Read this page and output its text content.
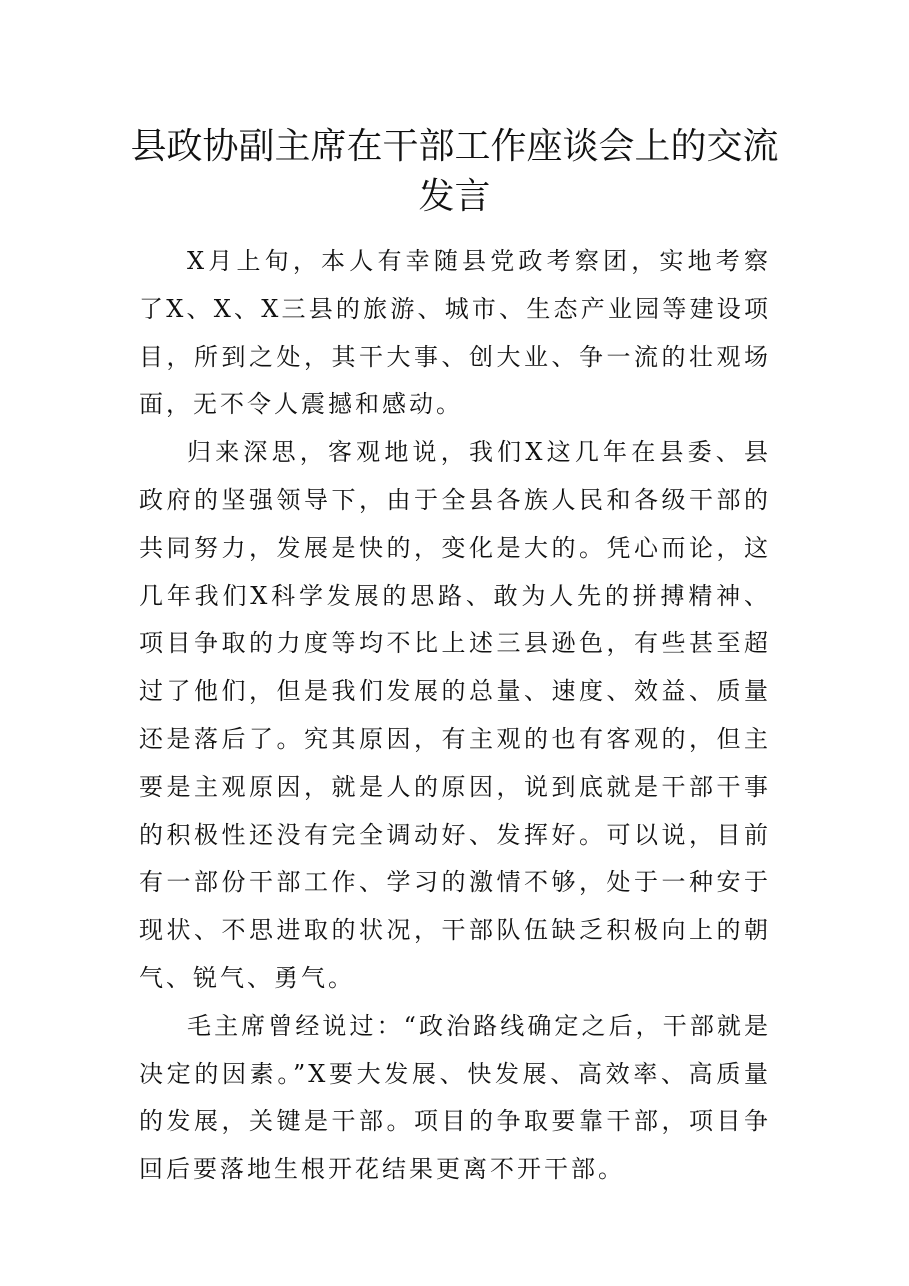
县政协副主席在干部工作座谈会上的交流发言

X月上旬，本人有幸随县党政考察团，实地考察了X、X、X三县的旅游、城市、生态产业园等建设项目，所到之处，其干大事、创大业、争一流的壮观场面，无不令人震撼和感动。

归来深思，客观地说，我们X这几年在县委、县政府的坚强领导下，由于全县各族人民和各级干部的共同努力，发展是快的，变化是大的。凭心而论，这几年我们X科学发展的思路、敢为人先的拼搏精神、项目争取的力度等均不比上述三县逊色，有些甚至超过了他们，但是我们发展的总量、速度、效益、质量还是落后了。究其原因，有主观的也有客观的，但主要是主观原因，就是人的原因，说到底就是干部干事的积极性还没有完全调动好、发挥好。可以说，目前有一部份干部工作、学习的激情不够，处于一种安于现状、不思进取的状况，干部队伍缺乏积极向上的朝气、锐气、勇气。

毛主席曾经说过：“政治路线确定之后，干部就是决定的因素。”X要大发展、快发展、高效率、高质量的发展，关键是干部。项目的争取要靠干部，项目争回后要落地生根开花结果更离不开干部。
